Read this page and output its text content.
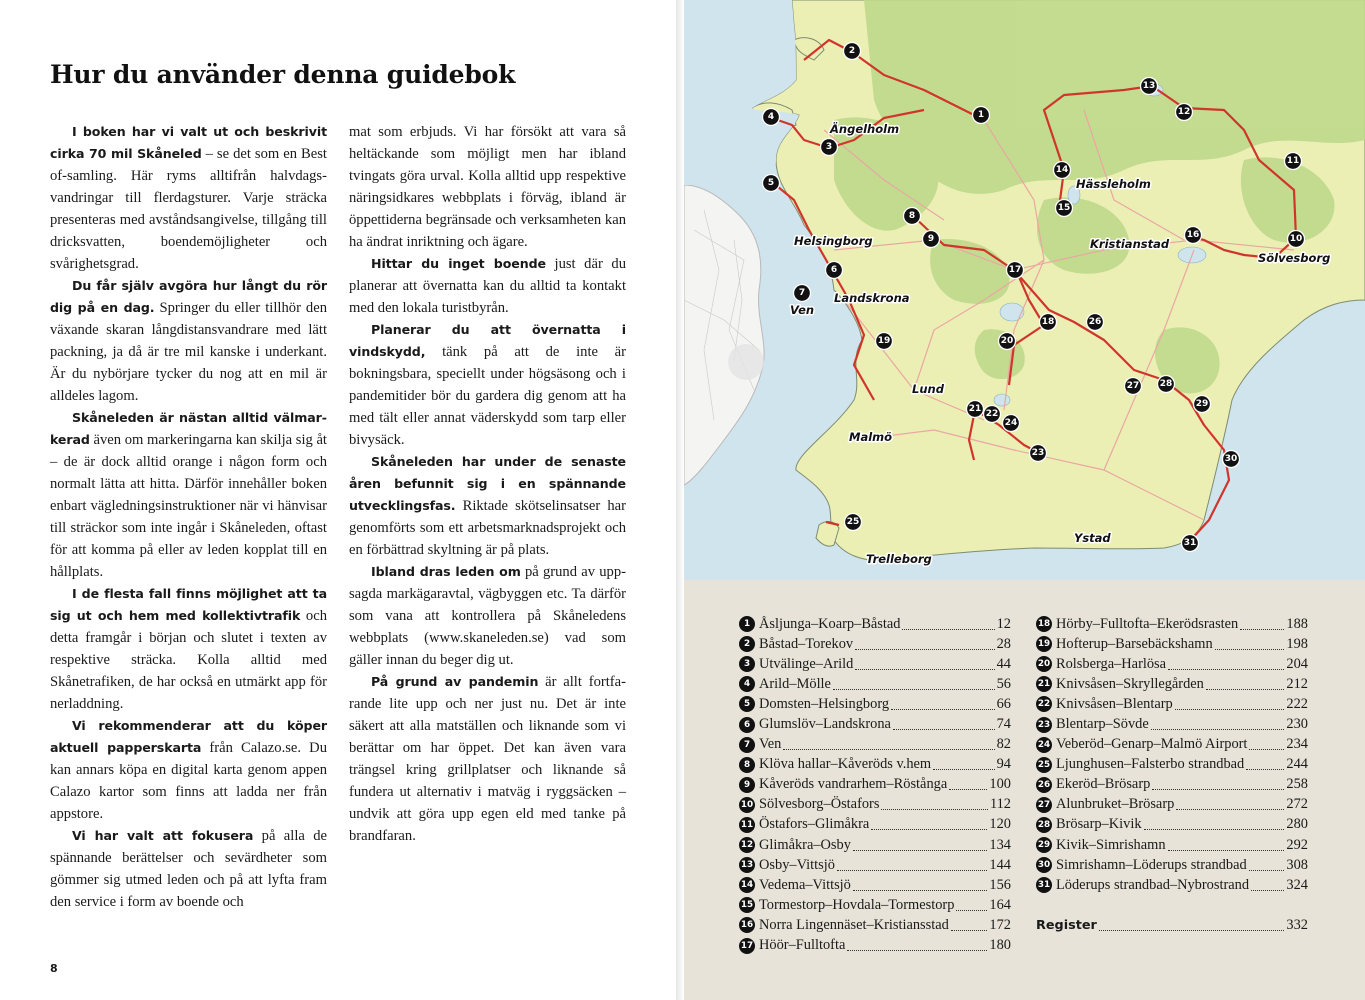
Hur du använder denna guidebok

I boken har vi valt ut och beskrivit cirka 70 mil Skåneled – se det som en Best of-samling. Här ryms alltifrån halvdagsvandringar till flerdagsturer. Varje sträcka presenteras med avståndsangivelse, tillgång till dricksvatten, boendemöjligheter och svårighetsgrad.

Du får själv avgöra hur långt du rör dig på en dag. Springer du eller tillhör den växande skaran långdistansvandrare med lätt packning, ja då är tre mil kanske i underkant. Är du nybörjare tycker du nog att en mil är alldeles lagom.

Skåneleden är nästan alltid välmarkerad även om markeringarna kan skilja sig åt – de är dock alltid orange i någon form och normalt lätta att hitta. Därför innehåller boken enbart vägledningsinstruktioner när vi hänvisar till sträckor som inte ingår i Skåneleden, oftast för att komma på eller av leden kopplat till en hållplats.

I de flesta fall finns möjlighet att ta sig ut och hem med kollektivtrafik och detta framgår i början och slutet i texten av respektive sträcka. Kolla alltid med Skånetrafiken, de har också en utmärkt app för nerladdning.

Vi rekommenderar att du köper aktuell papperskarta från Calazo.se. Du kan annars köpa en digital karta genom appen Calazo kartor som finns att ladda ner från appstore.

Vi har valt att fokusera på alla de spännande berättelser och sevärdheter som gömmer sig utmed leden och på att lyfta fram den service i form av boende och

mat som erbjuds. Vi har försökt att vara så heltäckande som möjligt men har ibland tvingats göra urval. Kolla alltid upp respektive näringsidkares webbplats i förväg, ibland är öppettiderna begränsade och verksamheten kan ha ändrat inriktning och ägare.

Hittar du inget boende just där du planerar att övernatta kan du alltid ta kontakt med den lokala turistbyrån.

Planerar du att övernatta i vindskydd, tänk på att de inte är bokningsbara, speciellt under högsäsong och i pandemitider bör du gardera dig genom att ha med tält eller annat väderskydd som tarp eller bivysäck.

Skåneleden har under de senaste åren befunnit sig i en spännande utvecklingsfas. Riktade skötselinsatser har genomförts som ett arbetsmarknadsprojekt och en förbättrad skyltning är på plats.

Ibland dras leden om på grund av uppsagda markägaravtal, vägbyggen etc. Ta därför som vana att kontrollera på Skåneledens webbplats (www.skaneleden.se) vad som gäller innan du beger dig ut.

På grund av pandemin är allt fortfarande lite upp och ner just nu. Det är inte säkert att alla matställen och liknande som vi berättar om har öppet. Det kan även vara trängsel kring grillplatser och liknande så fundera ut alternativ i matväg i ryggsäcken – undvik att göra upp egen eld med tanke på brandfaran.

8
Ängelholm
Hässleholm
Kristianstad
Sölvesborg
Helsingborg
Landskrona
Ven
Lund
Malmö
Trelleborg
Ystad
1
2
3
4
5
6
7
8
9	10
11
12
13
14
15
16
17
18
19	20
21 22
23
24
25
26
27 28
29
30
31
1 Åsljunga–Koarp–Båstad	12
2 Båstad–Torekov	28
3 Utvälinge–Arild	44
4 Arild–Mölle	56
5 Domsten–Helsingborg	66
6 Glumslöv–Landskrona	74
7 Ven	82
8 Klöva hallar–Kåveröds v.hem	94
9 Kåveröds vandrarhem–Röstånga	100
10 Sölvesborg–Östafors	112
11 Östafors–Glimåkra	120
12 Glimåkra–Osby	134
13 Osby–Vittsjö	144
14 Vedema–Vittsjö	156
15 Tormestorp–Hovdala–Tormestorp 164
16 Norra Lingennäset–Kristiansstad	172
17 Höör–Fulltofta	180
18 Hörby–Fulltofta–Ekerödsrasten	188
19 Hofterup–Barsebäckshamn	198
20 Rolsberga–Harlösa	204
21 Knivsåsen–Skryllegården	212
22 Knivsåsen–Blentarp	222
23 Blentarp–Sövde	230
24 Veberöd–Genarp–Malmö Airport	234
25 Ljunghusen–Falsterbo strandbad	244
26 Ekeröd–Brösarp	258
27 Alunbruket–Brösarp	272
28 Brösarp–Kivik	280
29 Kivik–Simrishamn	292
30 Simrishamn–Löderups strandbad	308
31 Löderups strandbad–Nybrostrand	324
Register	332
